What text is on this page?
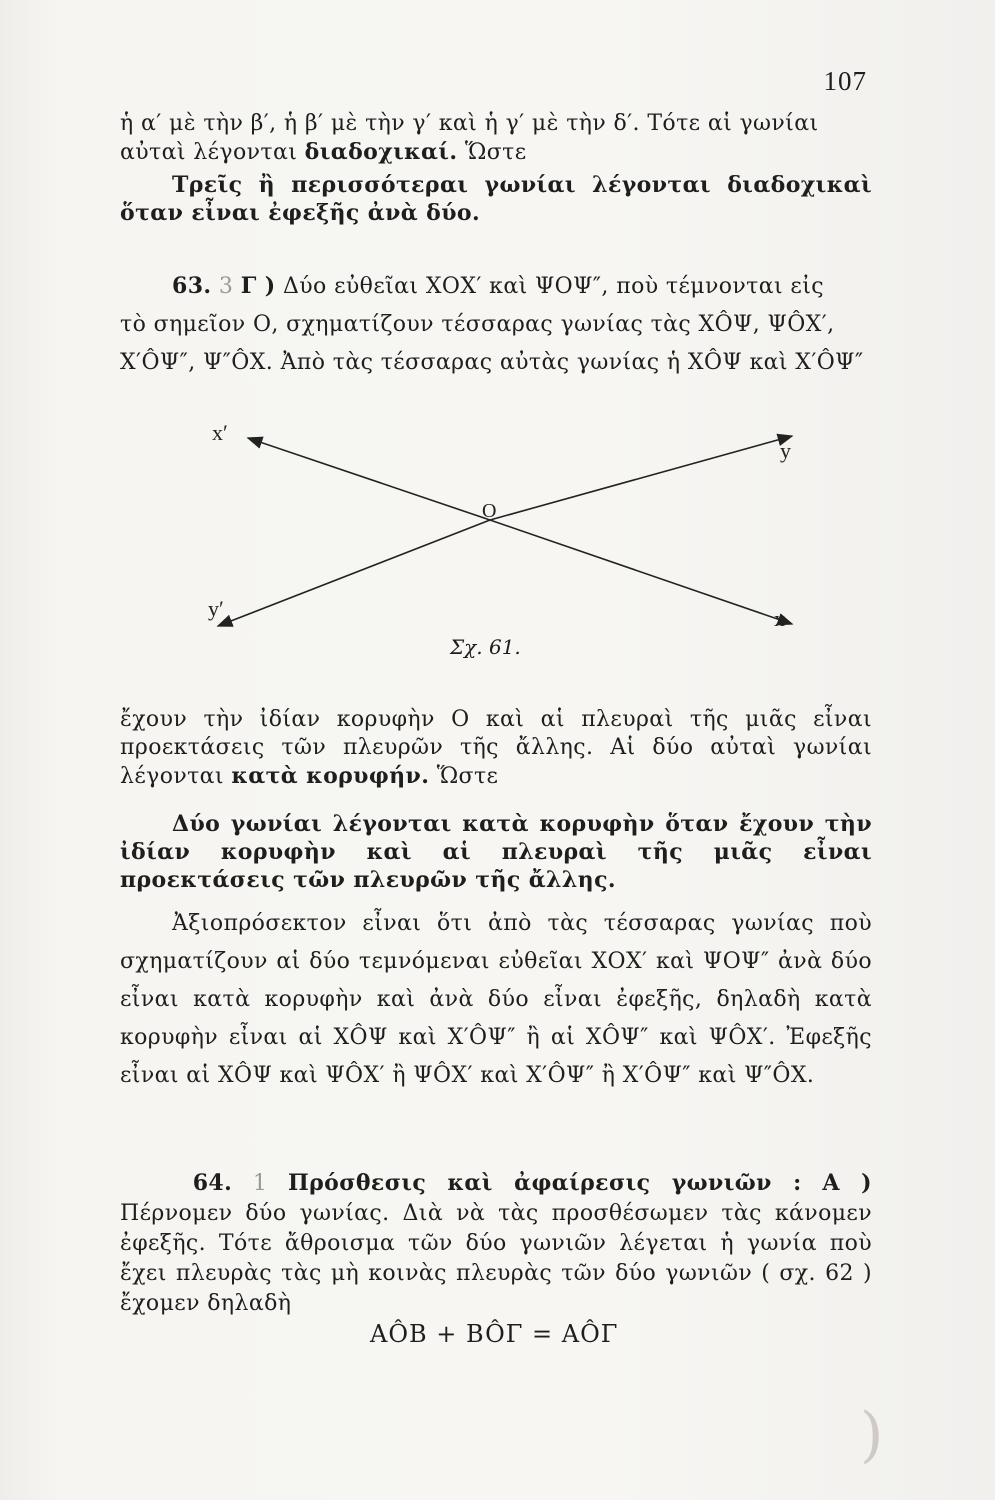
107

ἡ α′ μὲ τὴν β′, ἡ β′ μὲ τὴν γ′ καὶ ἡ γ′ μὲ τὴν δ′. Τότε αἱ γωνίαι

αὐταὶ λέγονται διαδοχικαί. Ὥστε

Τρεῖς ἢ περισσότεραι γωνίαι λέγονται διαδοχικαὶ ὅταν εἶναι ἐφεξῆς ἀνὰ δύο.

63. 3 Γ ) Δύο εὐθεῖαι ΧΟΧ′ καὶ ΨΟΨ″, ποὺ τέμνονται εἰς

τὸ σημεῖον Ο, σχηματίζουν τέσσαρας γωνίας τὰς ΧÔΨ, ΨÔΧ′,

Χ′ÔΨ″, Ψ″ÔΧ. Ἀπὸ τὰς τέσσαρας αὐτὰς γωνίας ἡ ΧÔΨ καὶ Χ′ÔΨ″

x′
y
O
y′	x
Σχ. 61.
ἔχουν τὴν ἰδίαν κορυφὴν Ο καὶ αἱ πλευραὶ τῆς μιᾶς εἶναι προεκτάσεις τῶν πλευρῶν τῆς ἄλλης. Αἱ δύο αὐταὶ γωνίαι λέγονται κατὰ κορυφήν. Ὥστε
Δύο γωνίαι λέγονται κατὰ κορυφὴν ὅταν ἔχουν τὴν ἰδίαν κορυφὴν καὶ αἱ πλευραὶ τῆς μιᾶς εἶναι προεκτάσεις τῶν πλευρῶν τῆς ἄλλης.
Ἀξιοπρόσεκτον εἶναι ὅτι ἀπὸ τὰς τέσσαρας γωνίας ποὺ σχηματίζουν αἱ δύο τεμνόμεναι εὐθεῖαι ΧΟΧ′ καὶ ΨΟΨ″ ἀνὰ δύο εἶναι κατὰ κορυφὴν καὶ ἀνὰ δύο εἶναι ἐφεξῆς, δηλαδὴ κατὰ κορυφὴν εἶναι αἱ ΧÔΨ καὶ Χ′ÔΨ″ ἢ αἱ ΧÔΨ″ καὶ ΨÔΧ′. Ἐφεξῆς εἶναι αἱ ΧÔΨ καὶ ΨÔΧ′ ἢ ΨÔΧ′ καὶ Χ′ÔΨ″ ἢ Χ′ÔΨ″ καὶ Ψ″ÔΧ.
64. 1 Πρόσθεσις καὶ ἀφαίρεσις γωνιῶν : Α ) Πέρνομεν δύο γωνίας. Διὰ νὰ τὰς προσθέσωμεν τὰς κάνομεν ἐφεξῆς. Τότε ἄθροισμα τῶν δύο γωνιῶν λέγεται ἡ γωνία ποὺ ἔχει πλευρὰς τὰς μὴ κοινὰς πλευρὰς τῶν δύο γωνιῶν ( σχ. 62 ) ἔχομεν δηλαδὴ
AÔB + BÔΓ = AÔΓ
)
